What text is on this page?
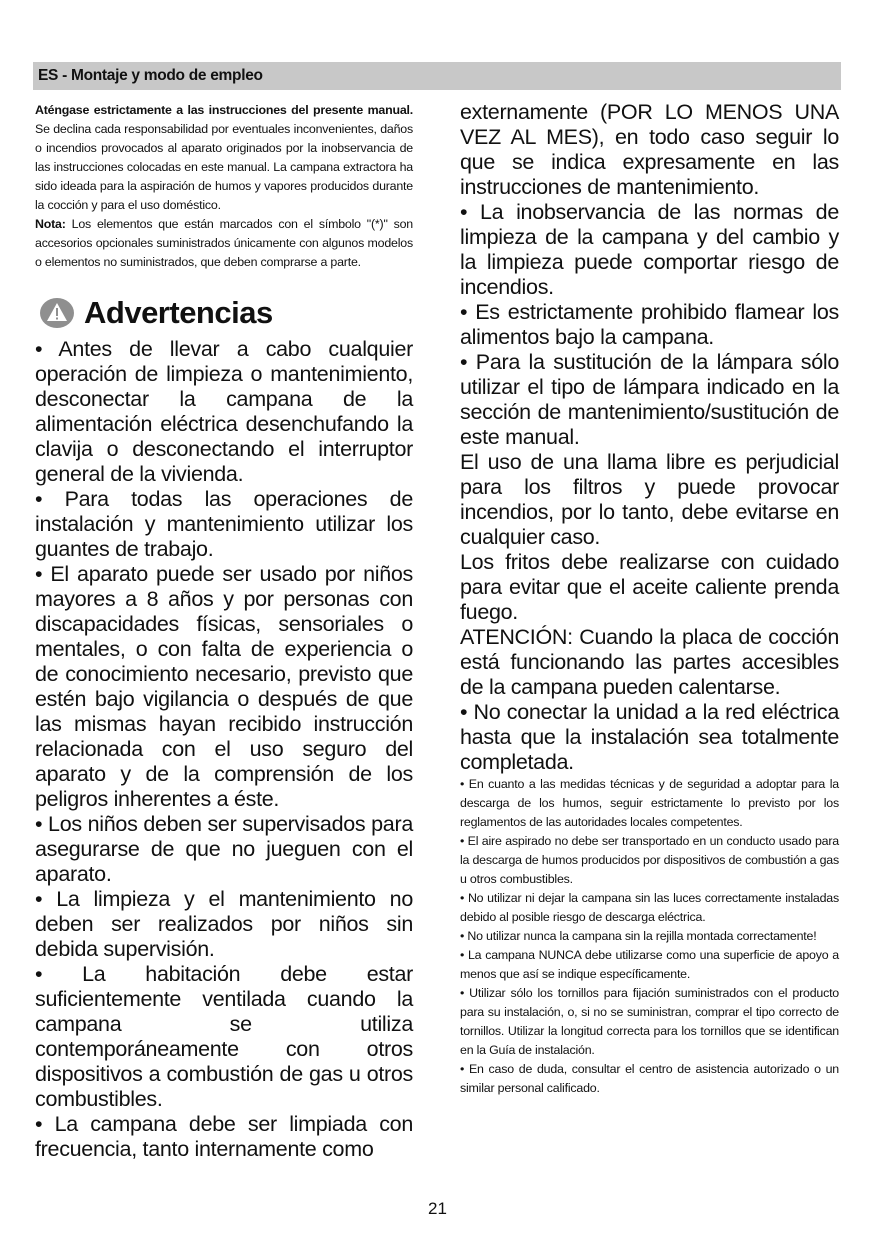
ES - Montaje y modo de empleo

Aténgase estrictamente a las instrucciones del presente manual. Se declina cada responsabilidad por eventuales inconvenientes, daños o incendios provocados al aparato originados por la inobservancia de las instrucciones colocadas en este manual. La campana extractora ha sido ideada para la aspiración de humos y vapores producidos durante la cocción y para el uso doméstico.

Nota: Los elementos que están marcados con el símbolo "(*)" son accesorios opcionales suministrados únicamente con algunos modelos o elementos no suministrados, que deben comprarse a parte.

Advertencias

• Antes de llevar a cabo cualquier operación de limpieza o mantenimiento, desconectar la campana de la alimentación eléctrica desenchufando la clavija o desconectando el interruptor general de la vivienda.

• Para todas las operaciones de instalación y mantenimiento utilizar los guantes de trabajo.

• El aparato puede ser usado por niños mayores a 8 años y por personas con discapacidades físicas, sensoriales o mentales, o con falta de experiencia o de conocimiento necesario, previsto que estén bajo vigilancia o después de que las mismas hayan recibido instrucción relacionada con el uso seguro del aparato y de la comprensión de los peligros inherentes a éste.

• Los niños deben ser supervisados para asegurarse de que no jueguen con el aparato.

• La limpieza y el mantenimiento no deben ser realizados por niños sin debida supervisión.

• La habitación debe estar suficientemente ventilada cuando la campana se utiliza contemporáneamente con otros dispositivos a combustión de gas u otros combustibles.

• La campana debe ser limpiada con frecuencia, tanto internamente como

externamente (POR LO MENOS UNA VEZ AL MES), en todo caso seguir lo que se indica expresamente en las instrucciones de mantenimiento.

• La inobservancia de las normas de limpieza de la campana y del cambio y la limpieza puede comportar riesgo de incendios.

• Es estrictamente prohibido flamear los alimentos bajo la campana.

• Para la sustitución de la lámpara sólo utilizar el tipo de lámpara indicado en la sección de mantenimiento/sustitución de este manual.

El uso de una llama libre es perjudicial para los filtros y puede provocar incendios, por lo tanto, debe evitarse en cualquier caso.

Los fritos debe realizarse con cuidado para evitar que el aceite caliente prenda fuego.

ATENCIÓN: Cuando la placa de cocción está funcionando las partes accesibles de la campana pueden calentarse.

• No conectar la unidad a la red eléctrica hasta que la instalación sea totalmente completada.

• En cuanto a las medidas técnicas y de seguridad a adoptar para la descarga de los humos, seguir estrictamente lo previsto por los reglamentos de las autoridades locales competentes.

• El aire aspirado no debe ser transportado en un conducto usado para la descarga de humos producidos por dispositivos de combustión a gas u otros combustibles.

• No utilizar ni dejar la campana sin las luces correctamente instaladas debido al posible riesgo de descarga eléctrica.

• No utilizar nunca la campana sin la rejilla montada correctamente!

• La campana NUNCA debe utilizarse como una superficie de apoyo a menos que así se indique específicamente.

• Utilizar sólo los tornillos para fijación suministrados con el producto para su instalación, o, si no se suministran, comprar el tipo correcto de tornillos. Utilizar la longitud correcta para los tornillos que se identifican en la Guía de instalación.

• En caso de duda, consultar el centro de asistencia autorizado o un similar personal calificado.

21
